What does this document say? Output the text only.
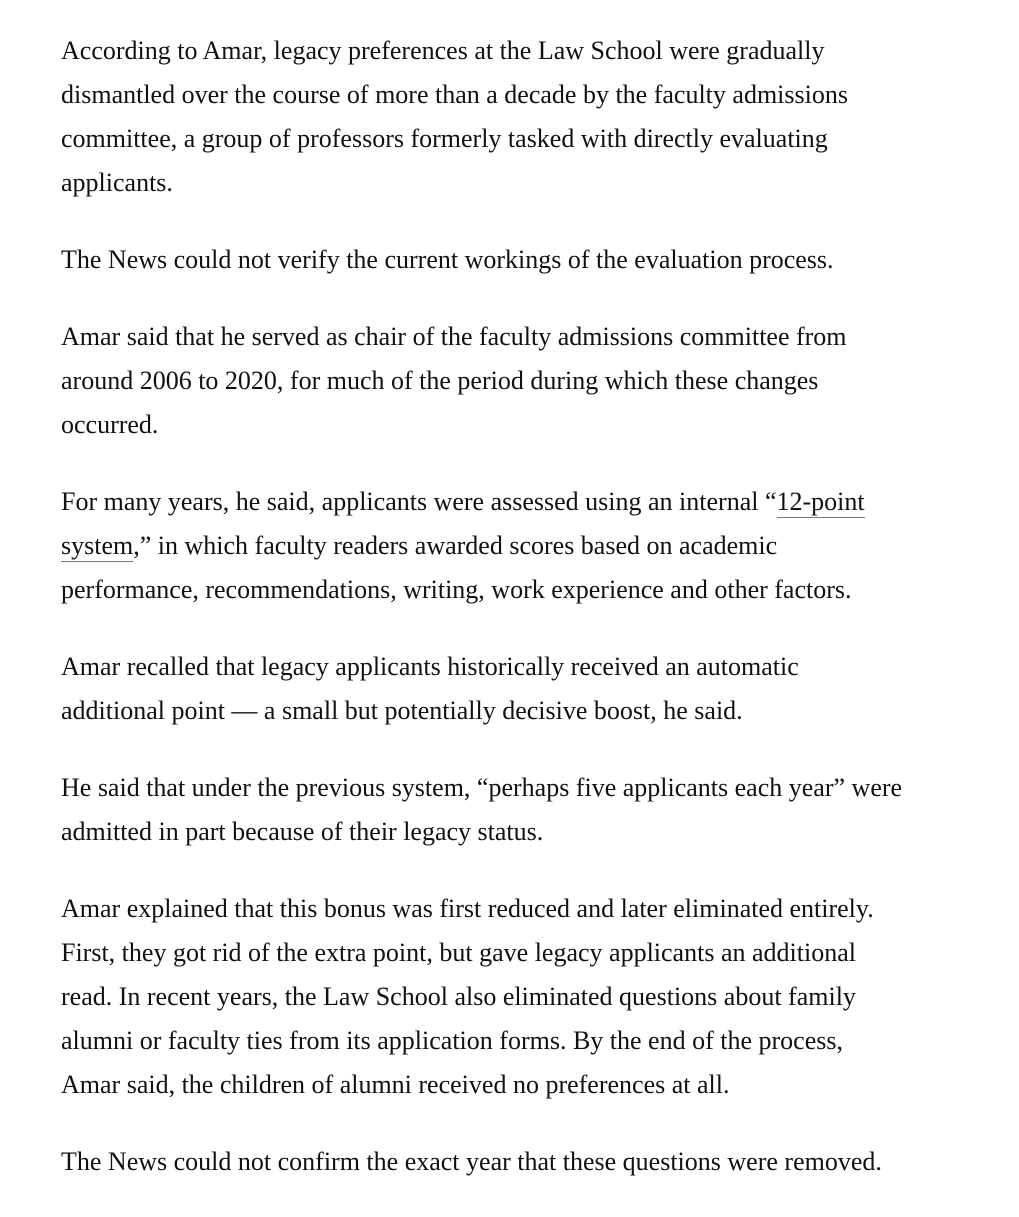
According to Amar, legacy preferences at the Law School were gradually
dismantled over the course of more than a decade by the faculty admissions
committee, a group of professors formerly tasked with directly evaluating
applicants.

The News could not verify the current workings of the evaluation process.

Amar said that he served as chair of the faculty admissions committee from
around 2006 to 2020, for much of the period during which these changes
occurred.

For many years, he said, applicants were assessed using an internal “12-point
system,” in which faculty readers awarded scores based on academic
performance, recommendations, writing, work experience and other factors.

Amar recalled that legacy applicants historically received an automatic
additional point — a small but potentially decisive boost, he said.

He said that under the previous system, “perhaps five applicants each year” were
admitted in part because of their legacy status.

Amar explained that this bonus was first reduced and later eliminated entirely.
First, they got rid of the extra point, but gave legacy applicants an additional
read. In recent years, the Law School also eliminated questions about family
alumni or faculty ties from its application forms. By the end of the process,
Amar said, the children of alumni received no preferences at all.

The News could not confirm the exact year that these questions were removed.
